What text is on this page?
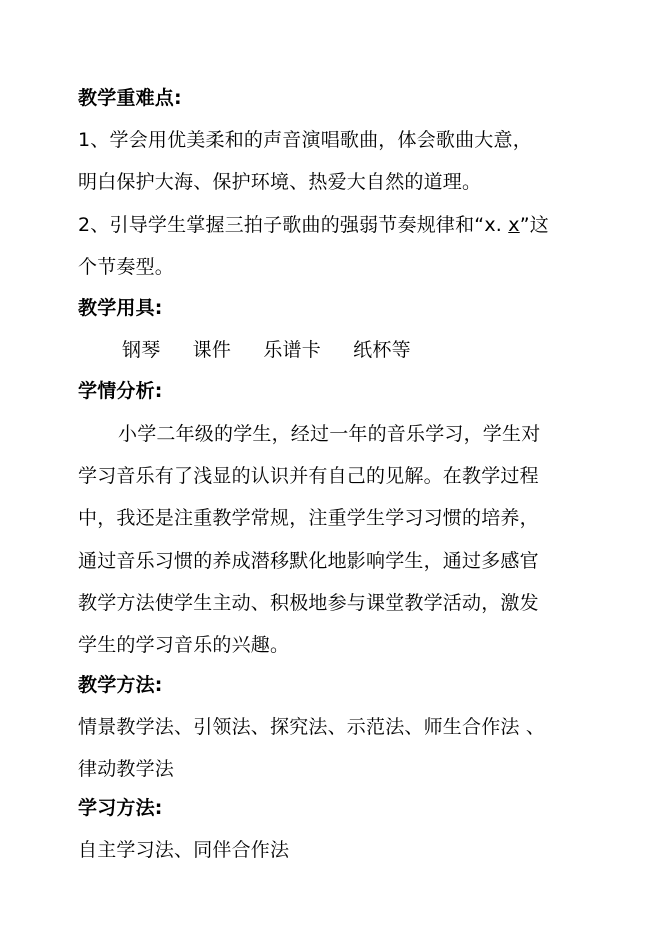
教学重难点:
1、学会用优美柔和的声音演唱歌曲，体会歌曲大意，
明白保护大海、保护环境、热爱大自然的道理。
2、引导学生掌握三拍子歌曲的强弱节奏规律和“x. x”这
个节奏型。
教学用具:
钢琴 课件 乐谱卡 纸杯等
学情分析:
小学二年级的学生，经过一年的音乐学习，学生对
学习音乐有了浅显的认识并有自己的见解。在教学过程
中，我还是注重教学常规，注重学生学习习惯的培养，
通过音乐习惯的养成潜移默化地影响学生，通过多感官
教学方法使学生主动、积极地参与课堂教学活动，激发
学生的学习音乐的兴趣。
教学方法:
情景教学法、引领法、探究法、示范法、师生合作法 、
律动教学法
学习方法:
自主学习法、同伴合作法
